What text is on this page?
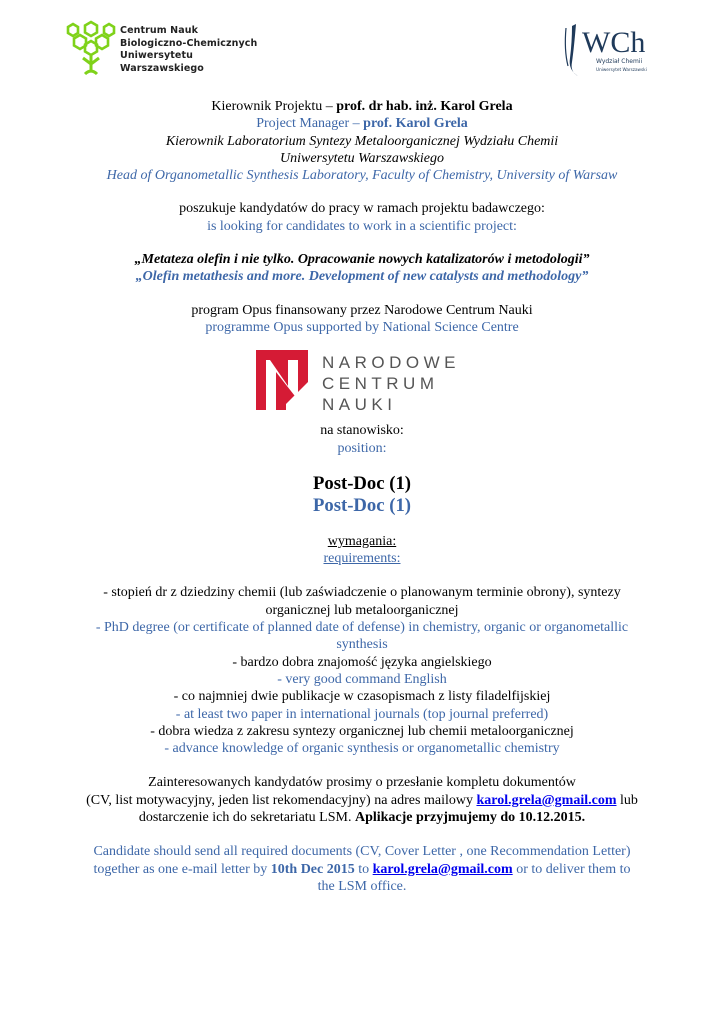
Centrum Nauk
Biologiczno-Chemicznych
Uniwersytetu Warszawskiego
WCh
Wydział Chemii
Uniwersytet Warszawski

Kierownik Projektu – prof. dr hab. inż. Karol Grela

Project Manager – prof. Karol Grela

Kierownik Laboratorium Syntezy Metaloorganicznej Wydziału Chemii

Uniwersytetu Warszawskiego

Head of Organometallic Synthesis Laboratory, Faculty of Chemistry, University of Warsaw

poszukuje kandydatów do pracy w ramach projektu badawczego:

is looking for candidates to work in a scientific project:

„Metateza olefin i nie tylko. Opracowanie nowych katalizatorów i metodologii”

„Olefin metathesis and more. Development of new catalysts and methodology”

program Opus finansowany przez Narodowe Centrum Nauki

programme Opus supported by National Science Centre

NARODOWE
CENTRUM
NAUKI

na stanowisko:

position:

Post-Doc (1)

Post-Doc (1)

wymagania:

requirements:

- stopień dr z dziedziny chemii (lub zaświadczenie o planowanym terminie obrony), syntezy organicznej lub metaloorganicznej

- PhD degree (or certificate of planned date of defense) in chemistry, organic or organometallic synthesis

- bardzo dobra znajomość języka angielskiego

- very good command English

- co najmniej dwie publikacje w czasopismach z listy filadelfijskiej

- at least two paper in international journals (top journal preferred)

- dobra wiedza z zakresu syntezy organicznej lub chemii metaloorganicznej

- advance knowledge of organic synthesis or organometallic chemistry

Zainteresowanych kandydatów prosimy o przesłanie kompletu dokumentów

(CV, list motywacyjny, jeden list rekomendacyjny) na adres mailowy karol.grela@gmail.com lub

dostarczenie ich do sekretariatu LSM. Aplikacje przyjmujemy do 10.12.2015.

Candidate should send all required documents (CV, Cover Letter , one Recommendation Letter)

together as one e-mail letter by 10th Dec 2015 to karol.grela@gmail.com or to deliver them to

the LSM office.
